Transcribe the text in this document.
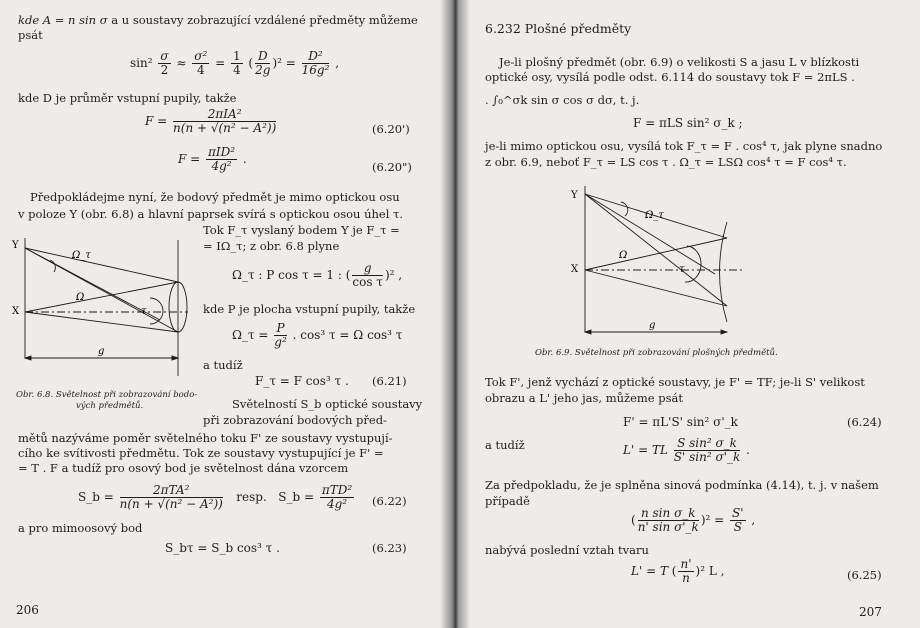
kde A = n sin σ a u soustavy zobrazující vzdálené předměty můžeme
psát
$\sin^2 \frac{\sigma}{2} \approx \frac{\text{σ²}}{4} = \frac{1}{4}$ ( $\frac{D}{2g} )^2 = \frac{\text{D²}}{\text{16g²}}$ ,
kde D je průměr vstupní pupily, takže
$F = \frac{\text{2πIA²}}{\text{n(n + √(n² − A²))}}$	(6.20')
$F = \frac{\text{πID²}}{\text{4g²}}$ .
(6.20")
Předpokládejme nyní, že bodový předmět je mimo optickou osu
v poloze Y (obr. 6.8) a hlavní paprsek svírá s optickou osou úhel τ.
Tok F_τ vyslaný bodem Y je F_τ =
= IΩ_τ; z obr. 6.8 plyne
Ω_τ : P cos τ = 1 : ( $\frac{g}{\text{cos τ}} )^2$ ,
kde P je plocha vstupní pupily, takže
Ω_τ = $\frac{P}{\text{g²}}$ . cos³ τ = Ω cos³ τ
a tudíž
F_τ = F cos³ τ . (6.21)
Y
X
Ω_τ
Ω
τ
g
Obr. 6.8. Světelnost při zobrazování bodo-
vých předmětů.	Světelností S_b optické soustavy
při zobrazování bodových před-
mětů nazýváme poměr světelného toku F' ze soustavy vystupují-
cího ke svítivosti předmětu. Tok ze soustavy vystupující je F' =
= T . F a tudíž pro osový bod je světelnost dána vzorcem
S_b = $\frac{\text{2πTA²}}{\text{n(n + √(n² − A²))}}$ resp. S_b = $\frac{\text{πTD²}}{\text{4g²}} (6.22)$
a pro mimoosový bod
S_bτ = S_b cos³ τ .	(6.23)
206
6.232 Plošné předměty
Je-li plošný předmět (obr. 6.9) o velikosti S a jasu L v blízkosti
optické osy, vysílá podle odst. 6.114 do soustavy tok F = 2πLS .
. ∫₀^σk sin σ cos σ dσ, t. j.
F = πLS sin² σ_k ;
je-li mimo optickou osu, vysílá tok F_τ = F . cos⁴ τ, jak plyne snadno
z obr. 6.9, neboť F_τ = LS cos τ . Ω_τ = LSΩ cos⁴ τ = F cos⁴ τ.
Y
X
Ω_τ
Ω
τ
g
Obr. 6.9. Světelnost při zobrazování plošných předmětů.
Tok F', jenž vychází z optické soustavy, je F' = TF; je-li S' velikost
obrazu a L' jeho jas, můžeme psát
F' = πL'S' sin² σ'_k	(6.24)
a tudíž	L' = TL $\frac{\text{S sin² σ\_k}}{\text{S' sin² σ'\_k}}$ .
Za předpokladu, že je splněna sinová podmínka (4.14), t. j. v našem
případě
( $\frac{\text{n sin σ\_k}}{\text{n' sin σ'\_k}} )^2 = \frac{S'}{S}$ ,
nabývá poslední vztah tvaru
L' = T ( $\frac{n'}{n} )^2$ L ,	(6.25)
207
